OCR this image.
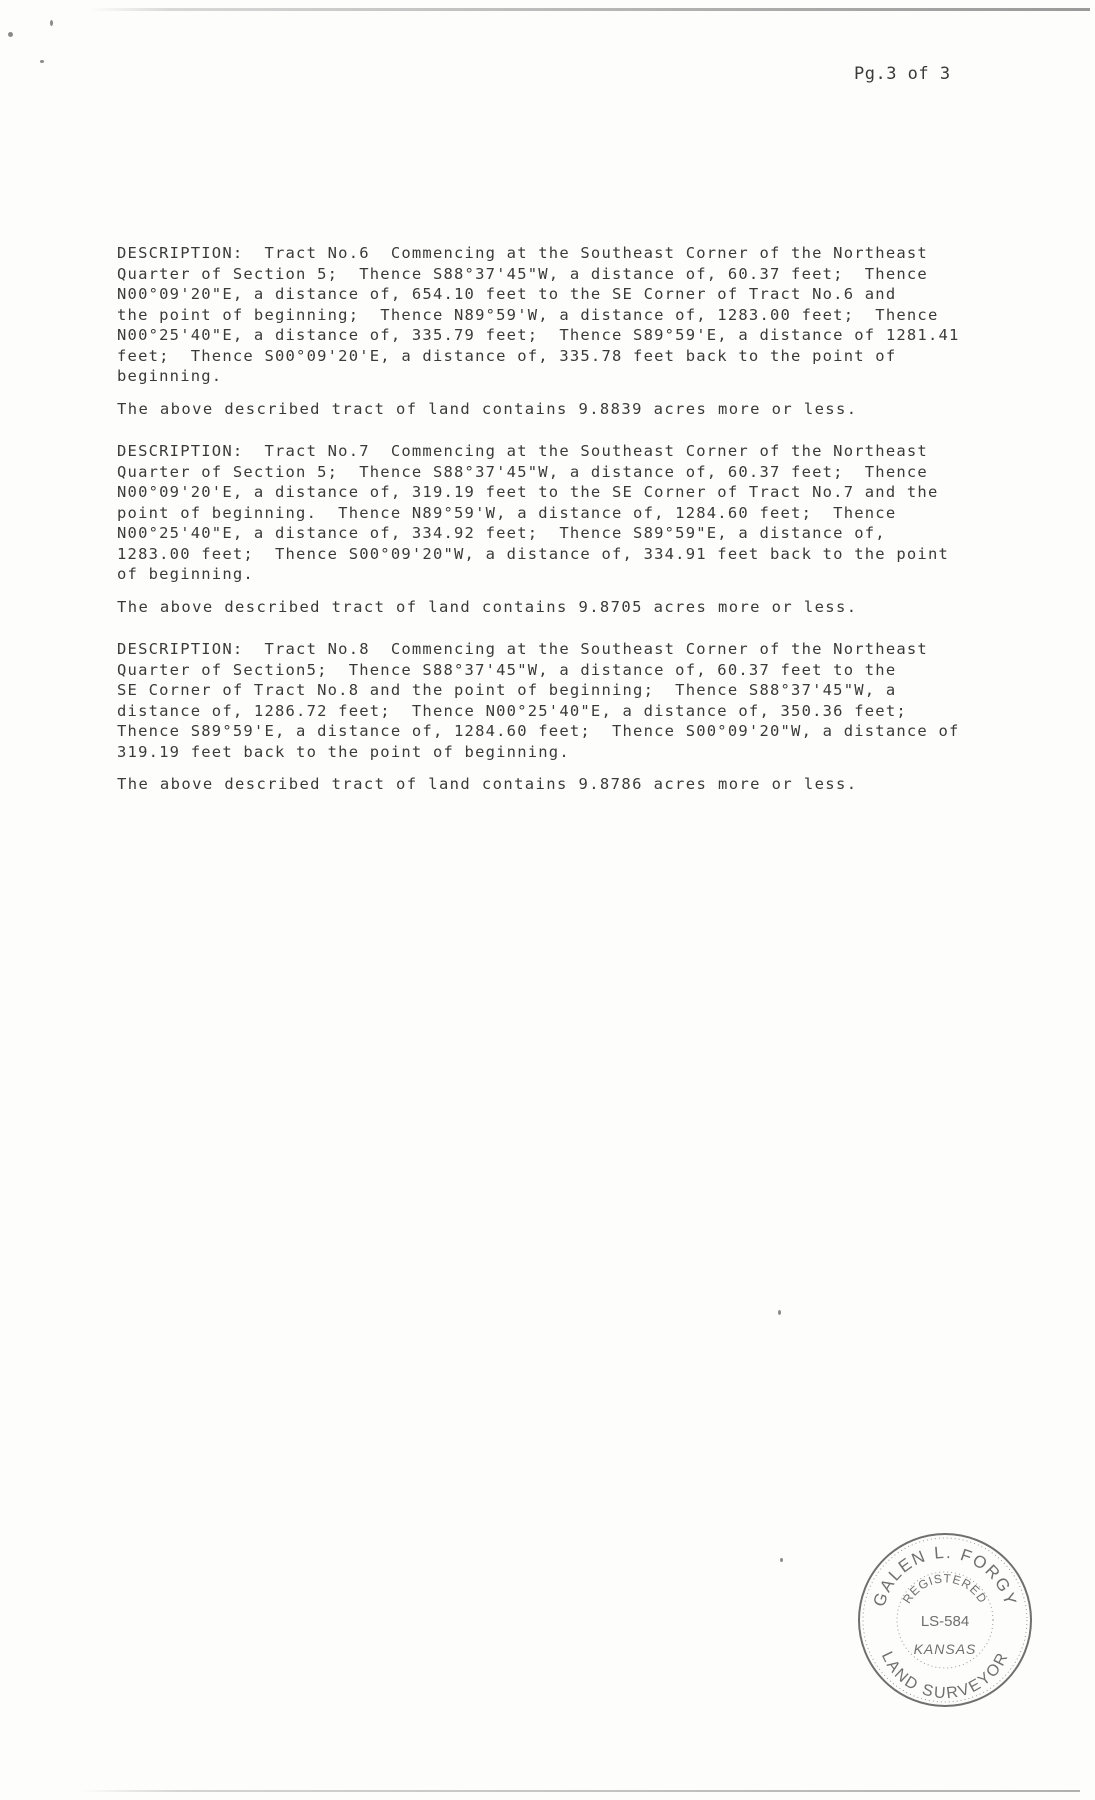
Pg.3 of 3

DESCRIPTION:  Tract No.6  Commencing at the Southeast Corner of the Northeast
Quarter of Section 5;  Thence S88°37'45"W, a distance of, 60.37 feet;  Thence
N00°09'20"E, a distance of, 654.10 feet to the SE Corner of Tract No.6 and
the point of beginning;  Thence N89°59'W, a distance of, 1283.00 feet;  Thence
N00°25'40"E, a distance of, 335.79 feet;  Thence S89°59'E, a distance of 1281.41
feet;  Thence S00°09'20'E, a distance of, 335.78 feet back to the point of
beginning.

The above described tract of land contains 9.8839 acres more or less.

DESCRIPTION:  Tract No.7  Commencing at the Southeast Corner of the Northeast
Quarter of Section 5;  Thence S88°37'45"W, a distance of, 60.37 feet;  Thence
N00°09'20'E, a distance of, 319.19 feet to the SE Corner of Tract No.7 and the
point of beginning.  Thence N89°59'W, a distance of, 1284.60 feet;  Thence
N00°25'40"E, a distance of, 334.92 feet;  Thence S89°59"E, a distance of,
1283.00 feet;  Thence S00°09'20"W, a distance of, 334.91 feet back to the point
of beginning.

The above described tract of land contains 9.8705 acres more or less.

DESCRIPTION:  Tract No.8  Commencing at the Southeast Corner of the Northeast
Quarter of Section5;  Thence S88°37'45"W, a distance of, 60.37 feet to the
SE Corner of Tract No.8 and the point of beginning;  Thence S88°37'45"W, a
distance of, 1286.72 feet;  Thence N00°25'40"E, a distance of, 350.36 feet;
Thence S89°59'E, a distance of, 1284.60 feet;  Thence S00°09'20"W, a distance of
319.19 feet back to the point of beginning.

The above described tract of land contains 9.8786 acres more or less.

GALEN L. FORGY
REGISTERED
LS-584
KANSAS
LAND SURVEYOR
